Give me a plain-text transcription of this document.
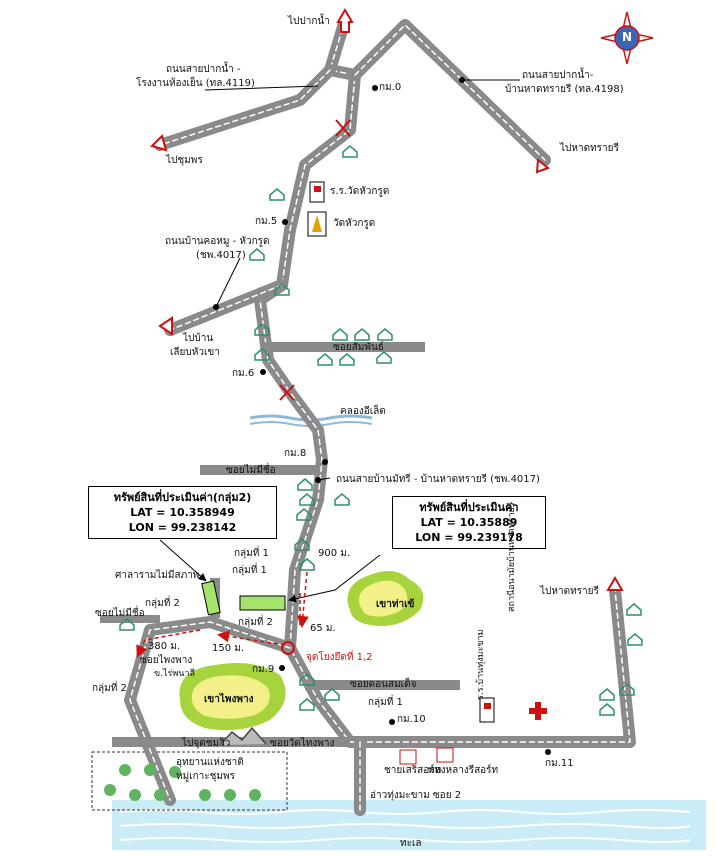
ไปปากน้ำ
ถนนสายปากน้ำ -
โรงงานห้องเย็น (ทล.4119)
ไปชุมพร
ถนนสายปากน้ำ-
บ้านหาดทรายรี (ทล.4198)
ไปหาดทรายรี
กม.0
ร.ร.วัดหัวกรูด
วัดหัวกรูด
กม.5
ถนนบ้านคอหมู - หัวกรูด
(ชพ.4017)
ไปบ้าน
เลียบหัวเขา	ซอยสัมพันธ์
กม.6
คลองอีเล็ต
กม.8
ซอยไม่มีชื่อ
ถนนสายบ้านมัทรี - บ้านหาดทรายรี (ชพ.4017)
ทรัพย์สินที่ประเมินค่า(กลุ่ม2)
LAT = 10.358949
LON = 99.238142
ทรัพย์สินที่ประเมินค่า
LAT = 10.35889
LON = 99.239178
กลุ่มที่ 1
กลุ่มที่ 1
900 ม.
ศาลารามไม่มีสภาพ
ไปหาดทรายรี
กลุ่มที่ 2
ซอยไม่มีชื่อ
เขาท่าเข้
กลุ่มที่ 2
65 ม.
380 ม.	150 ม.
ซอยไพงพาง	จุดโยงยึดที่ 1,2
กม.9
ข.ไร่พนาลี
ซอยดอนสมเด็จ
กลุ่มที่ 2
เขาไพงพาง	กลุ่มที่ 1
กม.10
ไปจุดชมวิว	ซอยวัดไทงพาง
กม.11
อุทยานแห่งชาติ
หมู่เกาะชุมพร
ชายเสริสอร์ท
ทองหลางรีสอร์ท
อ่าวทุ่งมะขาม ซอย 2
ทะเล
สถานีอนามัยบ้านหาดทรายรี
ร.ร.บ้านทุ่งมะขาม
N
